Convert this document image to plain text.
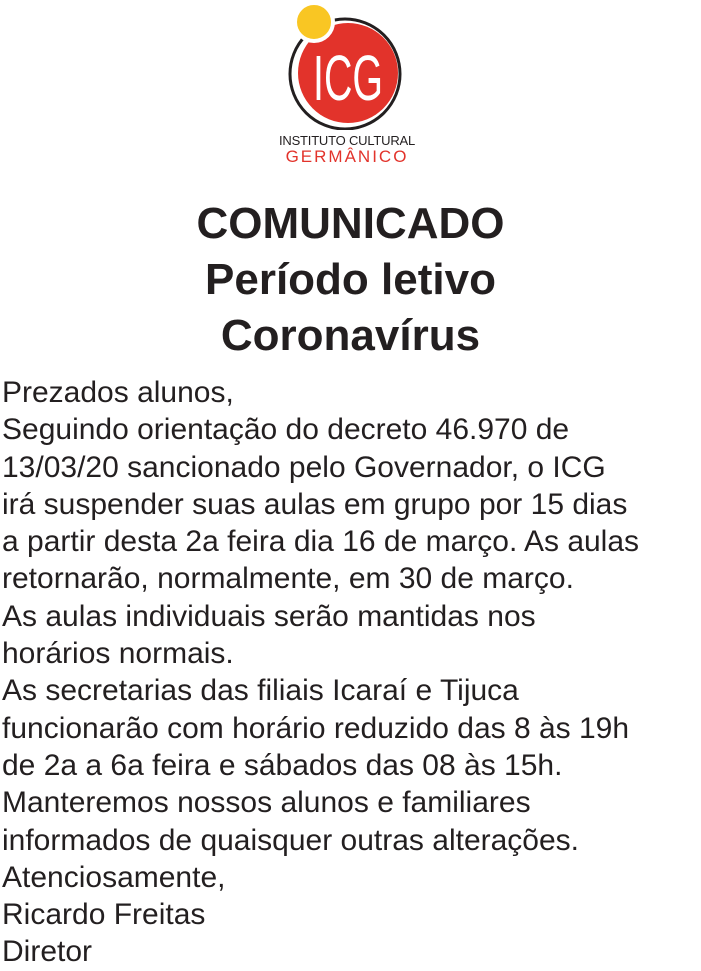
ICG
INSTITUTO CULTURAL
GERMÂNICO
COMUNICADO
Período letivo
Coronavírus
Prezados alunos,
Seguindo orientação do decreto 46.970 de
13/03/20 sancionado pelo Governador, o ICG
irá suspender suas aulas em grupo por 15 dias
a partir desta 2a feira dia 16 de março. As aulas
retornarão, normalmente, em 30 de março.
As aulas individuais serão mantidas nos
horários normais.
As secretarias das filiais Icaraí e Tijuca
funcionarão com horário reduzido das 8 às 19h
de 2a a 6a feira e sábados das 08 às 15h.
Manteremos nossos alunos e familiares
informados de quaisquer outras alterações.
Atenciosamente,
Ricardo Freitas
Diretor
